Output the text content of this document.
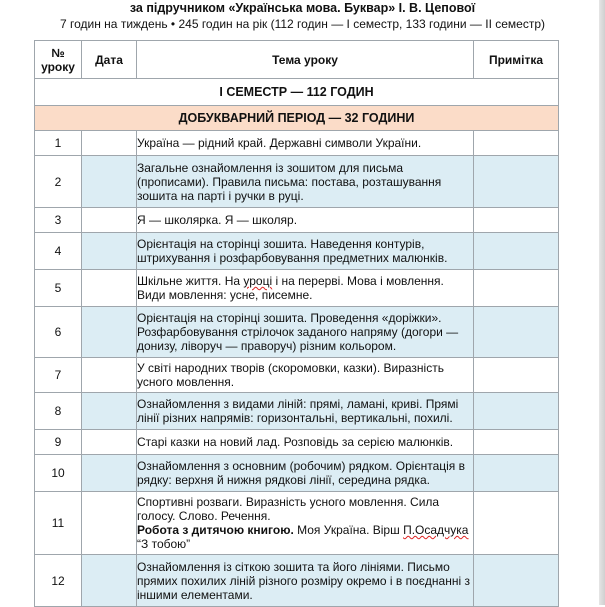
за підручником «Українська мова. Буквар» І. В. Цепової
7 годин на тиждень • 245 годин на рік (112 годин — І семестр, 133 години — ІІ семестр)
№
уроку	Дата	Тема уроку	Примітка
І СЕМЕСТР — 112 ГОДИН			
ДОБУКВАРНИЙ ПЕРІОД — 32 ГОДИНИ			
1		Україна — рідний край. Державні символи України.	
2		Загальне ознайомлення із зошитом для письма (прописами). Правила письма: постава, розташування зошита на парті і ручки в руці.	
3		Я — школярка. Я — школяр.	
4		Орієнтація на сторінці зошита. Наведення контурів, штрихування і розфарбовування предметних малюнків.	
5		Шкільне життя. На уроці і на перерві. Мова і мовлення. Види мовлення: усне, писемне.	
6		Орієнтація на сторінці зошита. Проведення «доріжки». Розфарбовування стрілочок заданого напряму (догори — донизу, ліворуч — праворуч) різним кольором.	
7		У світі народних творів (скоромовки, казки). Виразність усного мовлення.	
8		Ознайомлення з видами ліній: прямі, ламані, криві. Прямі лінії різних напрямів: горизонтальні, вертикальні, похилі.	
9		Старі казки на новий лад. Розповідь за серією малюнків.	
10		Ознайомлення з основним (робочим) рядком. Орієнтація в рядку: верхня й нижня рядкові лінії, середина рядка.	
11		Спортивні розваги. Виразність усного мовлення. Сила голосу. Слово. Речення.
Робота з дитячою книгою. Моя Україна. Вірш П.Осадчука “З тобою”	
12		Ознайомлення із сіткою зошита та його лініями. Письмо прямих похилих ліній різного розміру окремо і в поєднанні з іншими елементами.	
